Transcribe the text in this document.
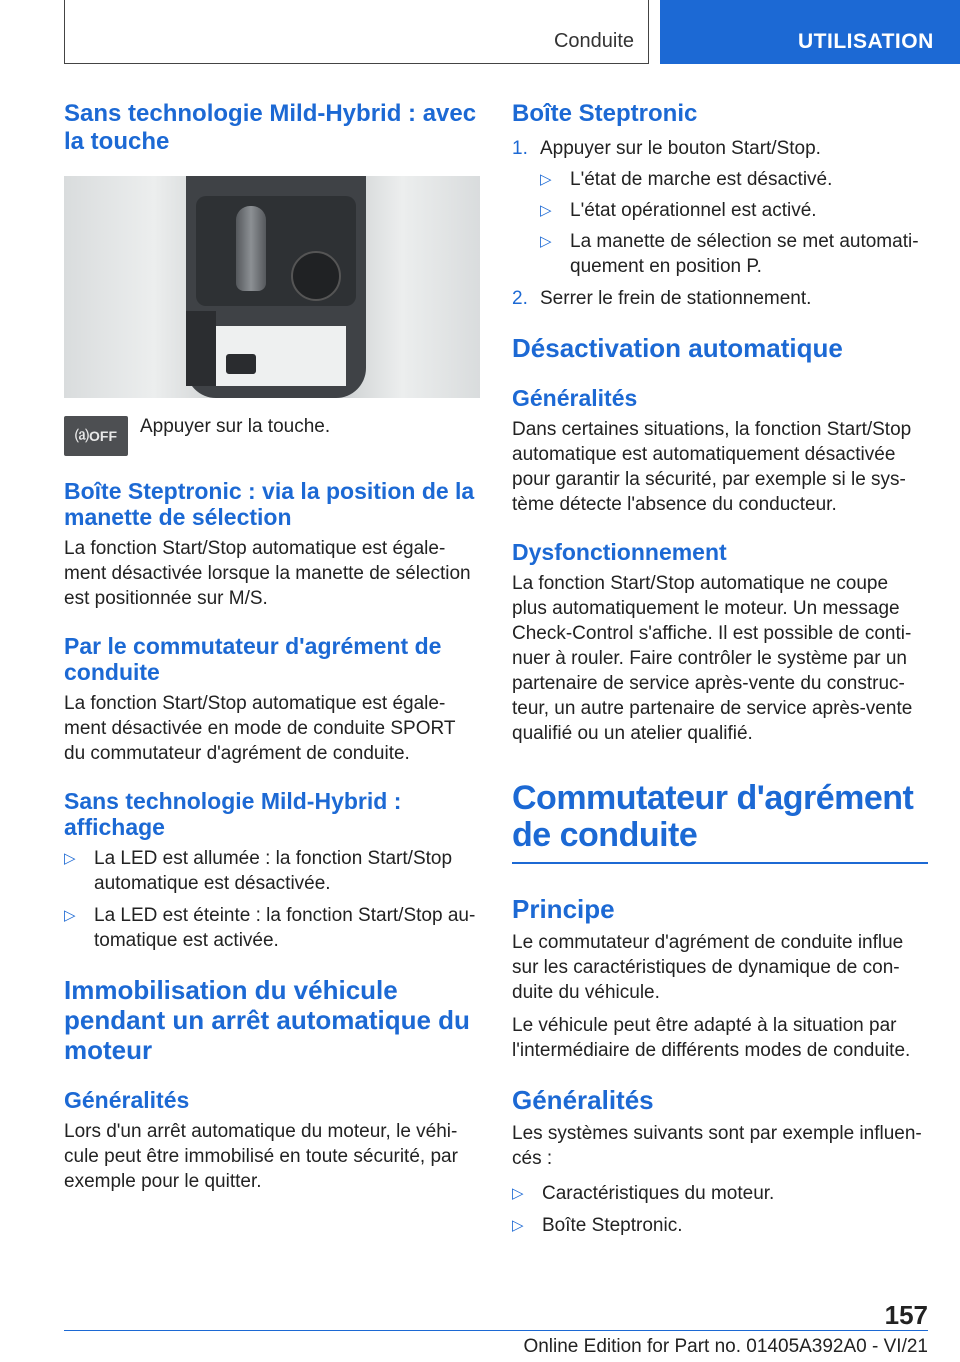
Conduite	UTILISATION
Sans technologie Mild-Hybrid : avec la touche
⒜OFF	Appuyer sur la touche.
Boîte Steptronic : via la position de la manette de sélection
La fonction Start/Stop automatique est égale-ment désactivée lorsque la manette de sélection est positionnée sur M/S.
Par le commutateur d'agrément de conduite
La fonction Start/Stop automatique est égale-ment désactivée en mode de conduite SPORT du commutateur d'agrément de conduite.
Sans technologie Mild-Hybrid : affichage
▷ La LED est allumée : la fonction Start/Stop automatique est désactivée.
▷ La LED est éteinte : la fonction Start/Stop au-tomatique est activée.
Immobilisation du véhicule pendant un arrêt automatique du moteur
Généralités
Lors d'un arrêt automatique du moteur, le véhi-cule peut être immobilisé en toute sécurité, par exemple pour le quitter.
Boîte Steptronic
1. Appuyer sur le bouton Start/Stop.
▷ L'état de marche est désactivé.
▷ L'état opérationnel est activé.
▷ La manette de sélection se met automati-quement en position P.
2. Serrer le frein de stationnement.
Désactivation automatique
Généralités
Dans certaines situations, la fonction Start/Stop automatique est automatiquement désactivée pour garantir la sécurité, par exemple si le sys-tème détecte l'absence du conducteur.
Dysfonctionnement
La fonction Start/Stop automatique ne coupe plus automatiquement le moteur. Un message Check-Control s'affiche. Il est possible de conti-nuer à rouler. Faire contrôler le système par un partenaire de service après-vente du construc-teur, un autre partenaire de service après-vente qualifié ou un atelier qualifié.
Commutateur d'agrément de conduite
Principe
Le commutateur d'agrément de conduite influe sur les caractéristiques de dynamique de con-duite du véhicule.
Le véhicule peut être adapté à la situation par l'intermédiaire de différents modes de conduite.
Généralités
Les systèmes suivants sont par exemple influen-cés :
▷ Caractéristiques du moteur.
▷ Boîte Steptronic.
157
Online Edition for Part no. 01405A392A0 - VI/21
